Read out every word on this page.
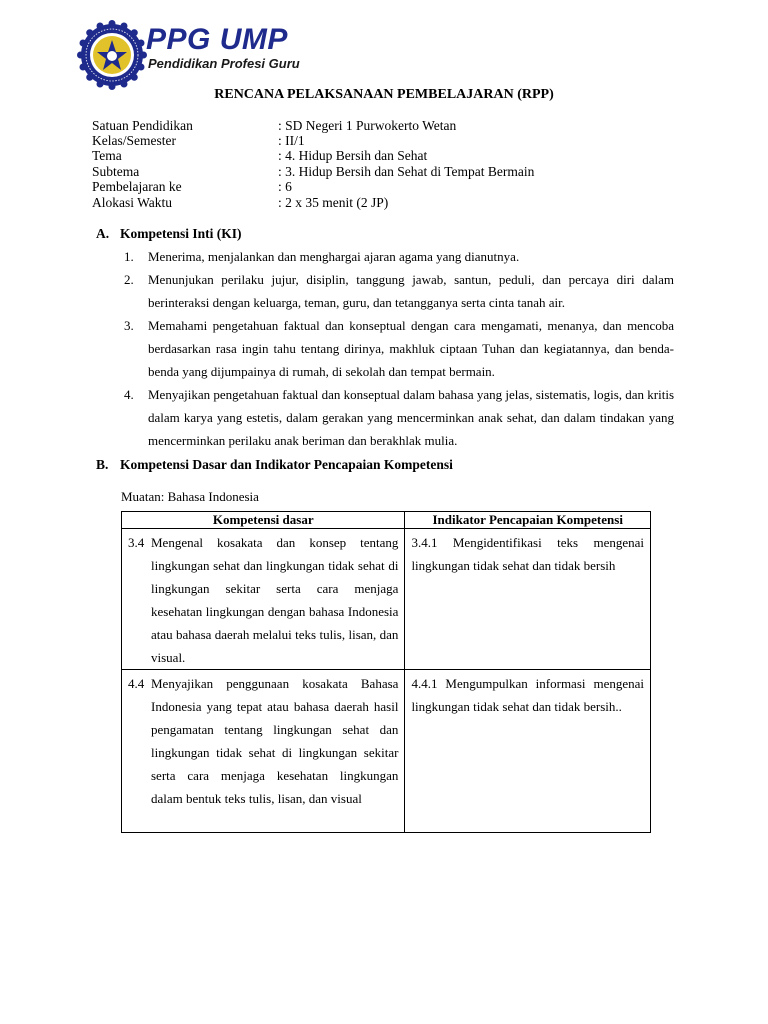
PPG UMP
Pendidikan Profesi Guru
RENCANA PELAKSANAAN PEMBELAJARAN (RPP)
Satuan Pendidikan	: SD Negeri 1 Purwokerto Wetan
Kelas/Semester	: II/1
Tema	: 4. Hidup Bersih dan Sehat
Subtema	: 3. Hidup Bersih dan Sehat di Tempat Bermain
Pembelajaran ke	: 6
Alokasi Waktu	: 2 x 35 menit (2 JP)
A. Kompetensi Inti (KI)
1. Menerima, menjalankan dan menghargai ajaran agama yang dianutnya.
2. Menunjukan perilaku jujur, disiplin, tanggung jawab, santun, peduli, dan percaya diri dalam berinteraksi dengan keluarga, teman, guru, dan tetangganya serta cinta tanah air.
3. Memahami pengetahuan faktual dan konseptual dengan cara mengamati, menanya, dan mencoba berdasarkan rasa ingin tahu tentang dirinya, makhluk ciptaan Tuhan dan kegiatannya, dan benda-benda yang dijumpainya di rumah, di sekolah dan tempat bermain.
4. Menyajikan pengetahuan faktual dan konseptual dalam bahasa yang jelas, sistematis, logis, dan kritis dalam karya yang estetis, dalam gerakan yang mencerminkan anak sehat, dan dalam tindakan yang mencerminkan perilaku anak beriman dan berakhlak mulia.
B. Kompetensi Dasar dan Indikator Pencapaian Kompetensi
Muatan: Bahasa Indonesia
Kompetensi dasar	Indikator Pencapaian Kompetensi

3.4 Mengenal kosakata dan konsep tentang lingkungan sehat dan lingkungan tidak sehat di lingkungan sekitar serta cara menjaga kesehatan lingkungan dengan bahasa Indonesia atau bahasa daerah melalui teks tulis, lisan, dan visual.	3.4.1 Mengidentifikasi teks mengenai lingkungan tidak sehat dan tidak bersih

4.4 Menyajikan penggunaan kosakata Bahasa Indonesia yang tepat atau bahasa daerah hasil pengamatan tentang lingkungan sehat dan lingkungan tidak sehat di lingkungan sekitar serta cara menjaga kesehatan lingkungan dalam bentuk teks tulis, lisan, dan visual	4.4.1 Mengumpulkan informasi mengenai lingkungan tidak sehat dan tidak bersih..
